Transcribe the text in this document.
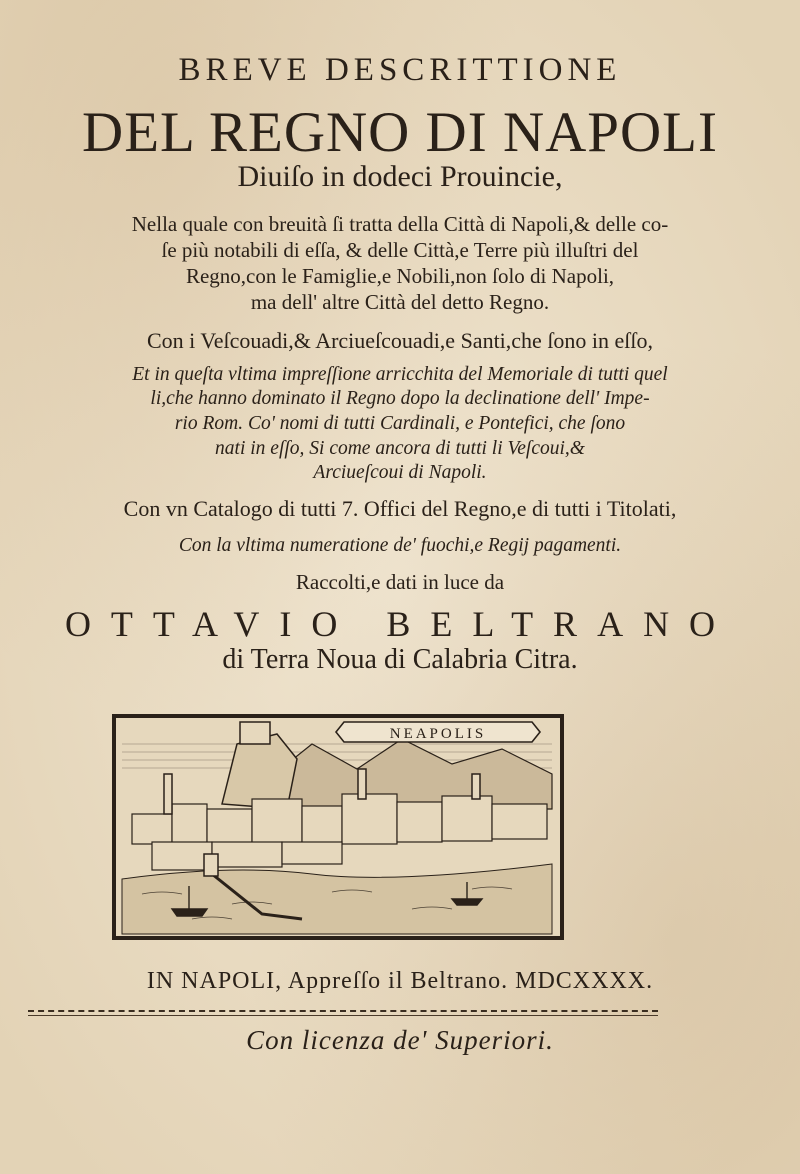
BREVE DESCRITTIONE
DEL REGNO DI NAPOLI
Diuiſo in dodeci Prouincie,
Nella quale con breuità ſi tratta della Città di Napoli,& delle co-
ſe più notabili di eſſa, & delle Città,e Terre più illuſtri del
Regno,con le Famiglie,e Nobili,non ſolo di Napoli,
ma dell' altre Città del detto Regno.
Con i Veſcouadi,& Arciueſcouadi,e Santi,che ſono in eſſo,
Et in queſta vltima impreſſione arricchita del Memoriale di tutti quel
li,che hanno dominato il Regno dopo la declinatione dell' Impe-
rio Rom. Co' nomi di tutti Cardinali, e Pontefici, che ſono
nati in eſſo, Si come ancora di tutti li Veſcoui,&
Arciueſcoui di Napoli.
Con vn Catalogo di tutti 7. Offici del Regno,e di tutti i Titolati,
Con la vltima numeratione de' fuochi,e Regij pagamenti.
Raccolti,e dati in luce da
OTTAVIO BELTRANO
di Terra Noua di Calabria Citra.
NEAPOLIS
IN NAPOLI, Appreſſo il Beltrano. MDCXXXX.
Con licenza de' Superiori.
